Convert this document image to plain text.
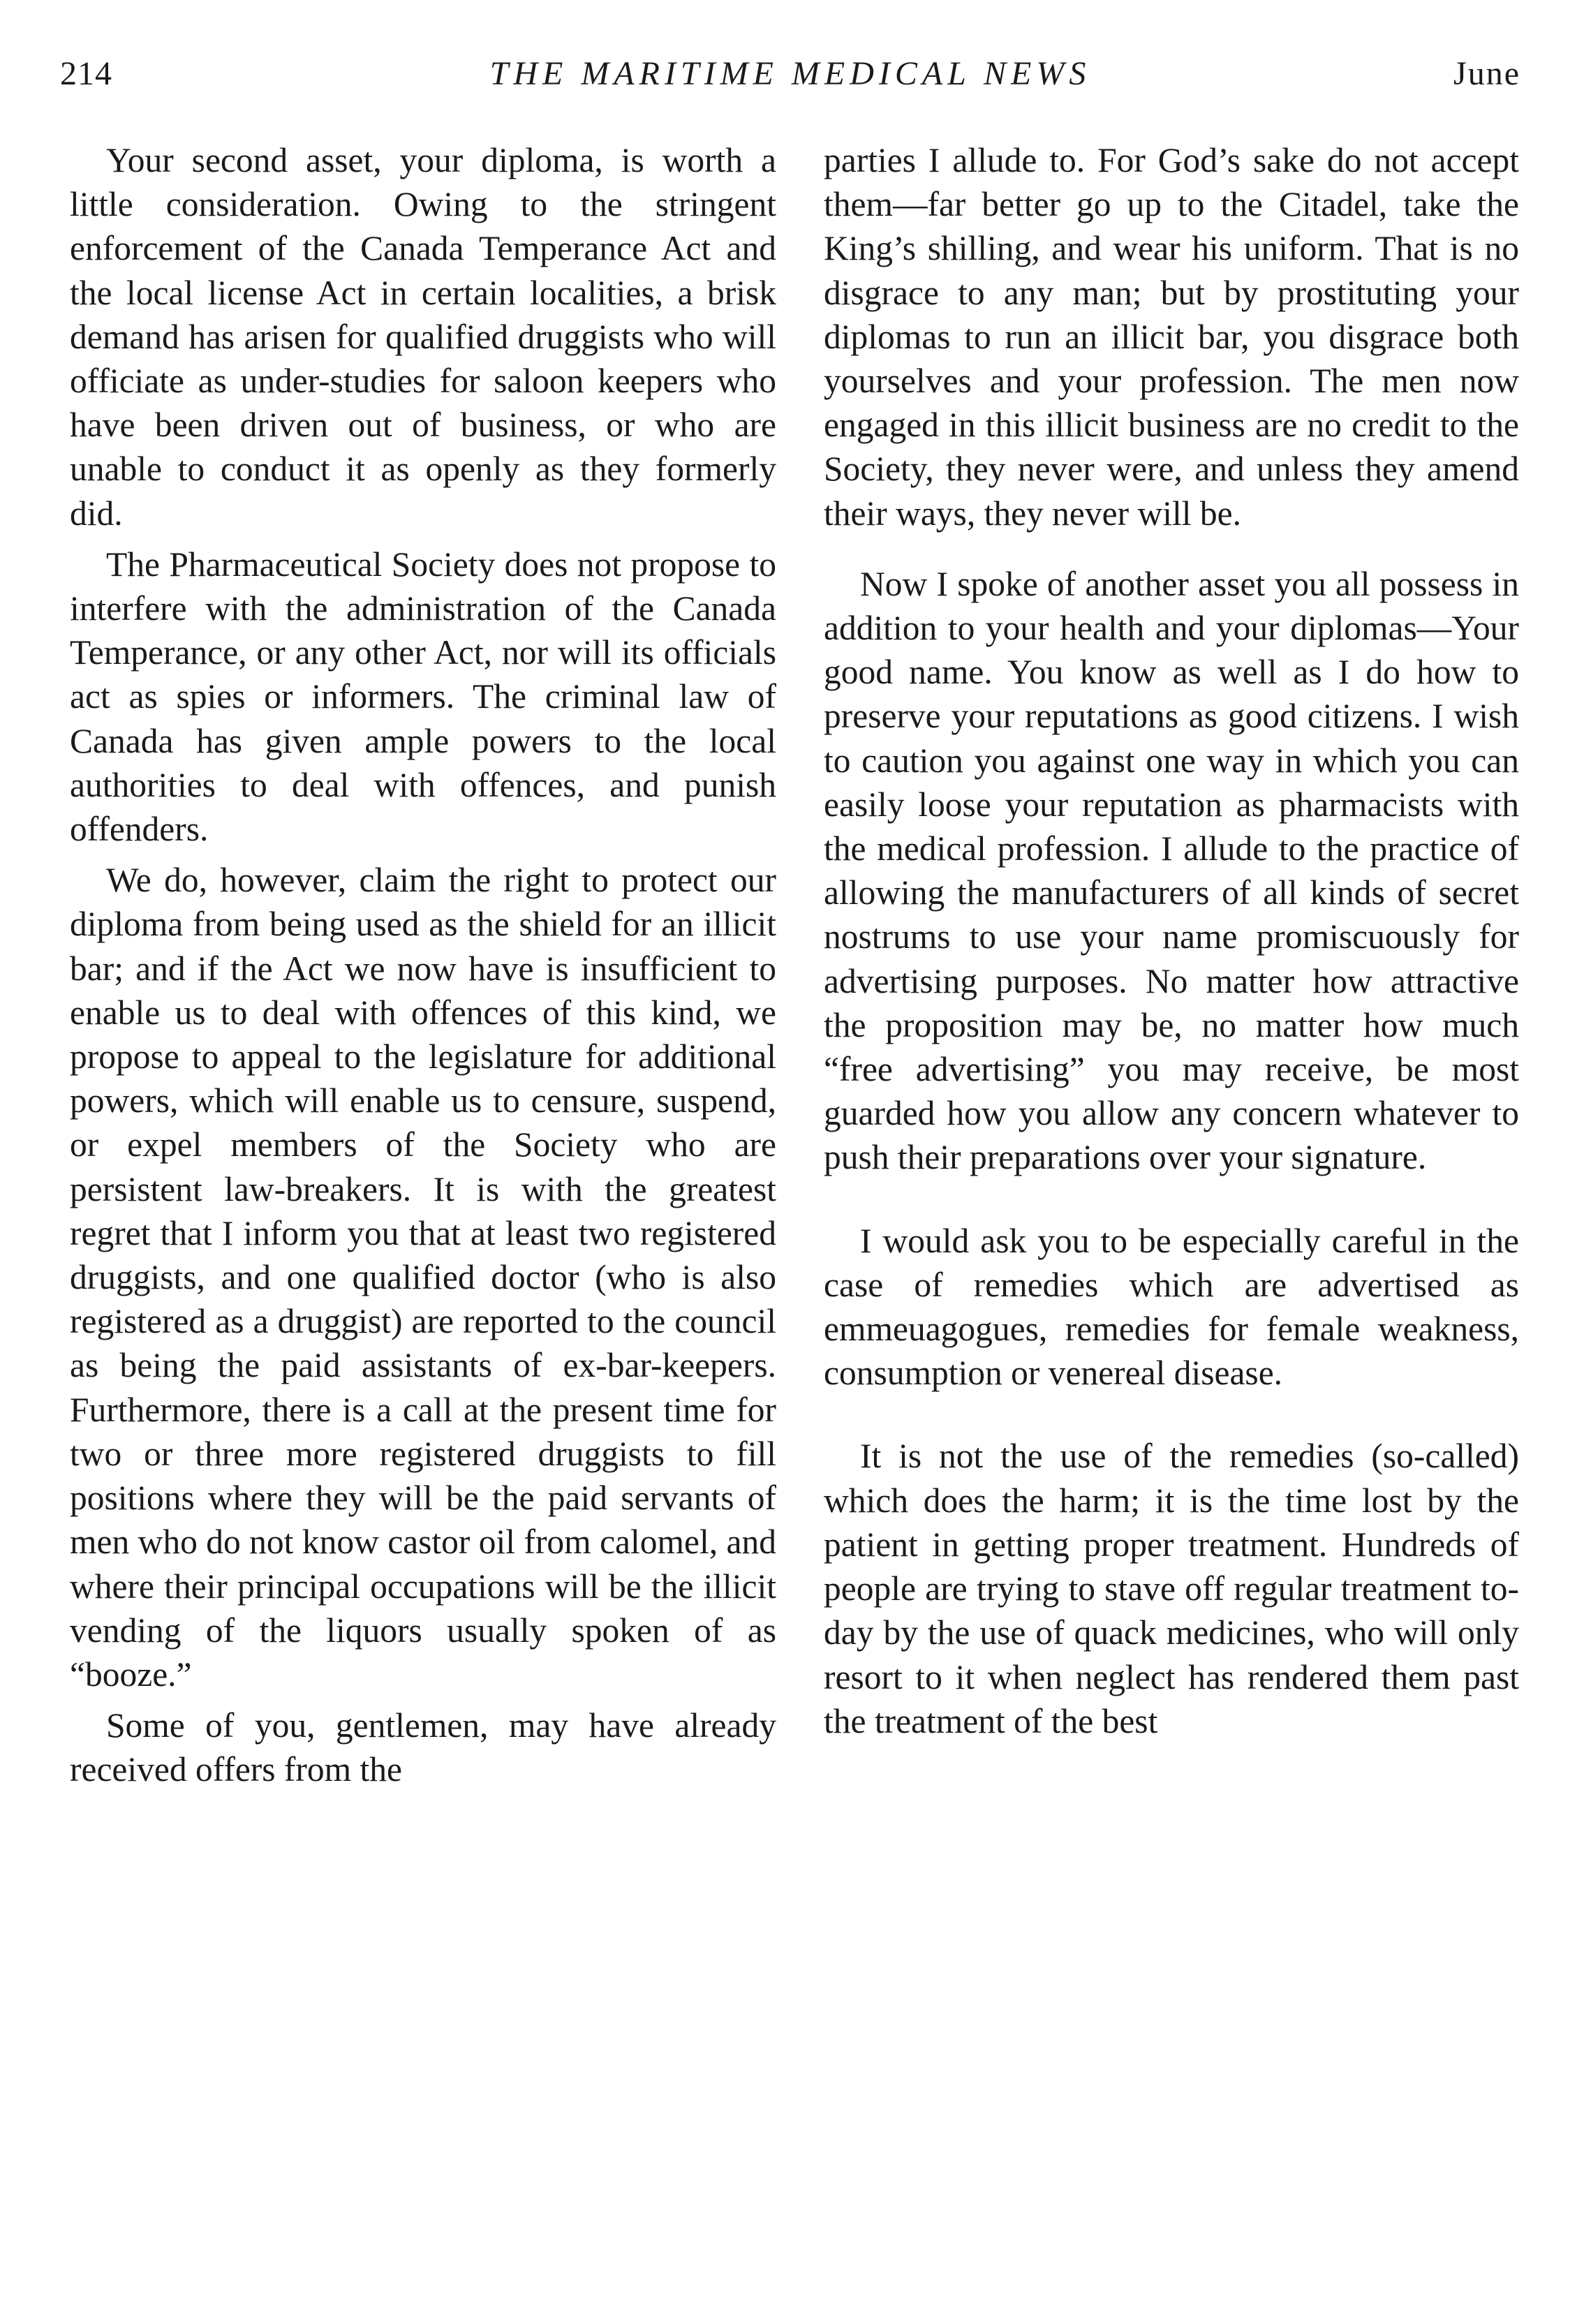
214	THE MARITIME MEDICAL NEWS	June

Your second asset, your diploma, is worth a little consideration. Owing to the stringent enforcement of the Canada Temperance Act and the local license Act in certain localities, a brisk demand has arisen for qualified druggists who will officiate as under-studies for saloon keepers who have been driven out of business, or who are unable to conduct it as openly as they formerly did.

The Pharmaceutical Society does not propose to interfere with the administration of the Canada Temperance, or any other Act, nor will its officials act as spies or informers. The criminal law of Canada has given ample powers to the local authorities to deal with offences, and punish offenders.

We do, however, claim the right to protect our diploma from being used as the shield for an illicit bar; and if the Act we now have is insufficient to enable us to deal with offences of this kind, we propose to appeal to the legislature for additional powers, which will enable us to censure, suspend, or expel members of the Society who are persistent law-breakers. It is with the greatest regret that I inform you that at least two registered druggists, and one qualified doctor (who is also registered as a druggist) are reported to the council as being the paid assistants of ex-bar-keepers. Furthermore, there is a call at the present time for two or three more registered druggists to fill positions where they will be the paid servants of men who do not know castor oil from calomel, and where their principal occupations will be the illicit vending of the liquors usually spoken of as “booze.”

Some of you, gentlemen, may have already received offers from the

parties I allude to. For God’s sake do not accept them—far better go up to the Citadel, take the King’s shilling, and wear his uniform. That is no disgrace to any man; but by prostituting your diplomas to run an illicit bar, you disgrace both yourselves and your profession. The men now engaged in this illicit business are no credit to the Society, they never were, and unless they amend their ways, they never will be.

Now I spoke of another asset you all possess in addition to your health and your diplomas—Your good name. You know as well as I do how to preserve your reputations as good citizens. I wish to caution you against one way in which you can easily loose your reputation as pharmacists with the medical profession. I allude to the practice of allowing the manufacturers of all kinds of secret nostrums to use your name promiscuously for advertising purposes. No matter how attractive the proposition may be, no matter how much “free advertising” you may receive, be most guarded how you allow any concern whatever to push their preparations over your signature.

I would ask you to be especially careful in the case of remedies which are advertised as emmeuagogues, remedies for female weakness, consumption or venereal disease.

It is not the use of the remedies (so-called) which does the harm; it is the time lost by the patient in getting proper treatment. Hundreds of people are trying to stave off regular treatment to-day by the use of quack medicines, who will only resort to it when neglect has rendered them past the treatment of the best
